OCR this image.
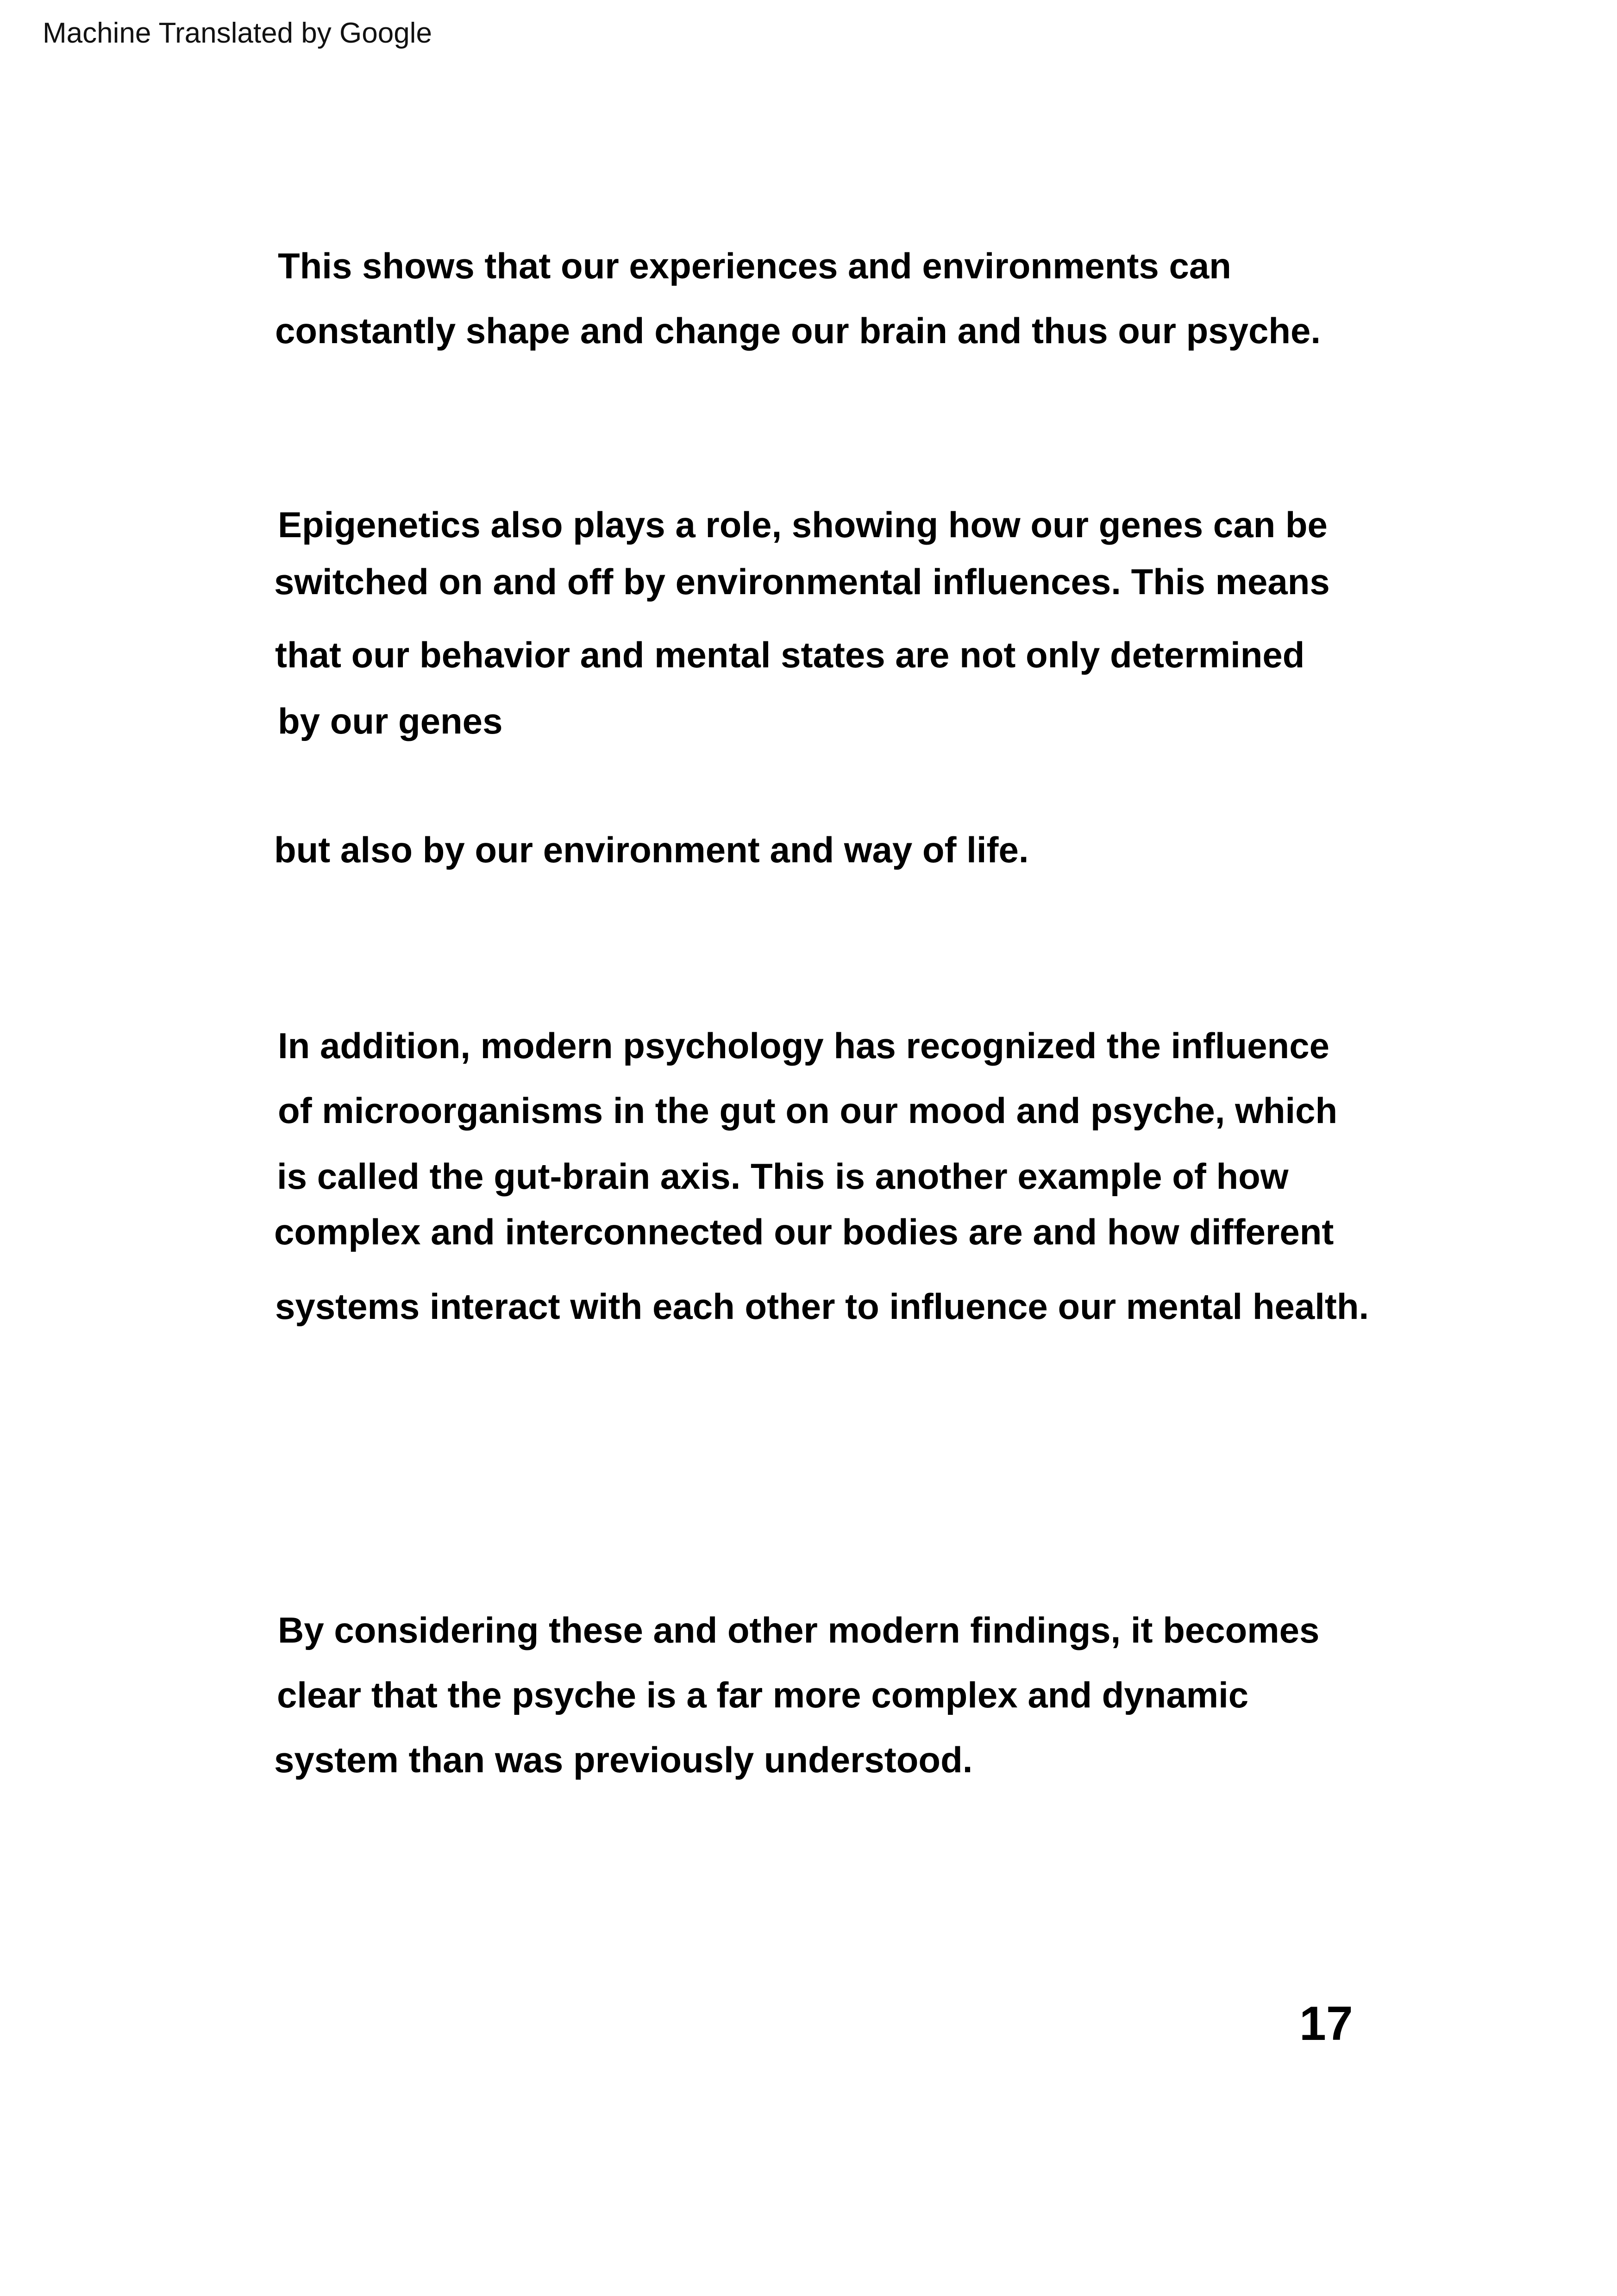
Machine Translated by Google
This shows that our experiences and environments can
constantly shape and change our brain and thus our psyche.
Epigenetics also plays a role, showing how our genes can be
switched on and off by environmental influences. This means
that our behavior and mental states are not only determined
by our genes
but also by our environment and way of life.
In addition, modern psychology has recognized the influence
of microorganisms in the gut on our mood and psyche, which
is called the gut-brain axis. This is another example of how
complex and interconnected our bodies are and how different
systems interact with each other to influence our mental health.
By considering these and other modern findings, it becomes
clear that the psyche is a far more complex and dynamic
system than was previously understood.
17
